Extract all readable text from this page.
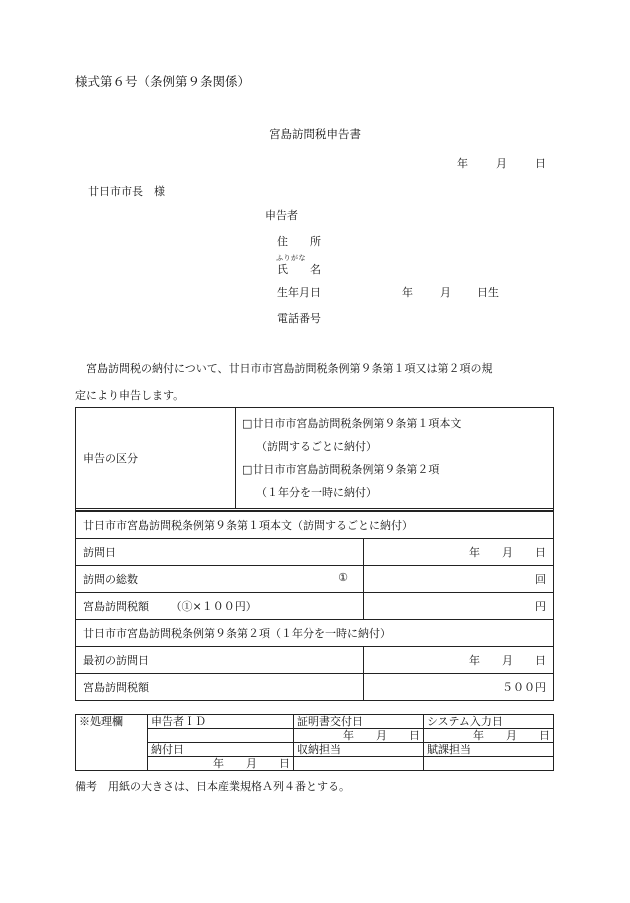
様式第６号（条例第９条関係）
宮島訪問税申告書
年	月	日
廿日市市長　様
申告者
住　　所
ふりがな
氏　　名
生年月日	年 月 日生
電話番号

宮島訪問税の納付について、廿日市市宮島訪問税条例第９条第１項又は第２項の規

定により申告します。

申告の区分	□廿日市市宮島訪問税条例第９条第１項本文
（訪問するごとに納付）
□廿日市市宮島訪問税条例第９条第２項
（１年分を一時に納付）	

廿日市市宮島訪問税条例第９条第１項本文（訪問するごとに納付）		
訪問日		年　　月　　日
訪問の総数 ①		回
宮島訪問税額 （①×１００円）		円
廿日市市宮島訪問税条例第９条第２項（１年分を一時に納付）		
最初の訪問日		年　　月　　日
宮島訪問税額		５００円
※処理欄	申告者ＩＤ	証明書交付日	システム入力日
		年　　月　　日	年　　月　　日
	納付日	収納担当	賦課担当
	年　　月　　日		
備考　用紙の大きさは、日本産業規格Ａ列４番とする。
